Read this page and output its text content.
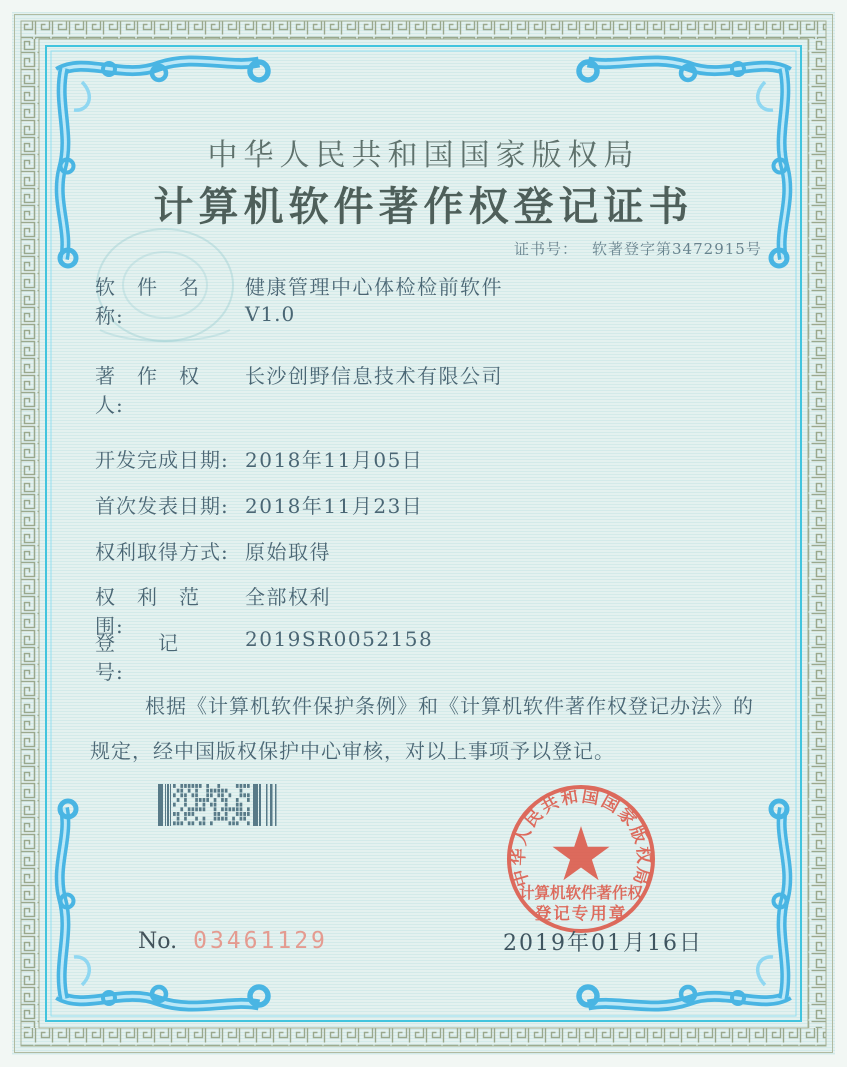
中华人民共和国国家版权局
计算机软件著作权登记证书
证书号： 软著登字第3472915号
软　件　名　称:
健康管理中心体检检前软件
V1.0
著　作　权　人:
长沙创野信息技术有限公司
开发完成日期: 2018年11月05日
首次发表日期: 2018年11月23日
权利取得方式: 原始取得
权　利　范　围:
全部权利
登　　记　　号:
2019SR0052158
根据《计算机软件保护条例》和《计算机软件著作权登记办法》的规定，经中国版权保护中心审核，对以上事项予以登记。
中华人民共和国国家版权局
计算机软件著作权
登记专用章
2019年01月16日
No. 03461129
